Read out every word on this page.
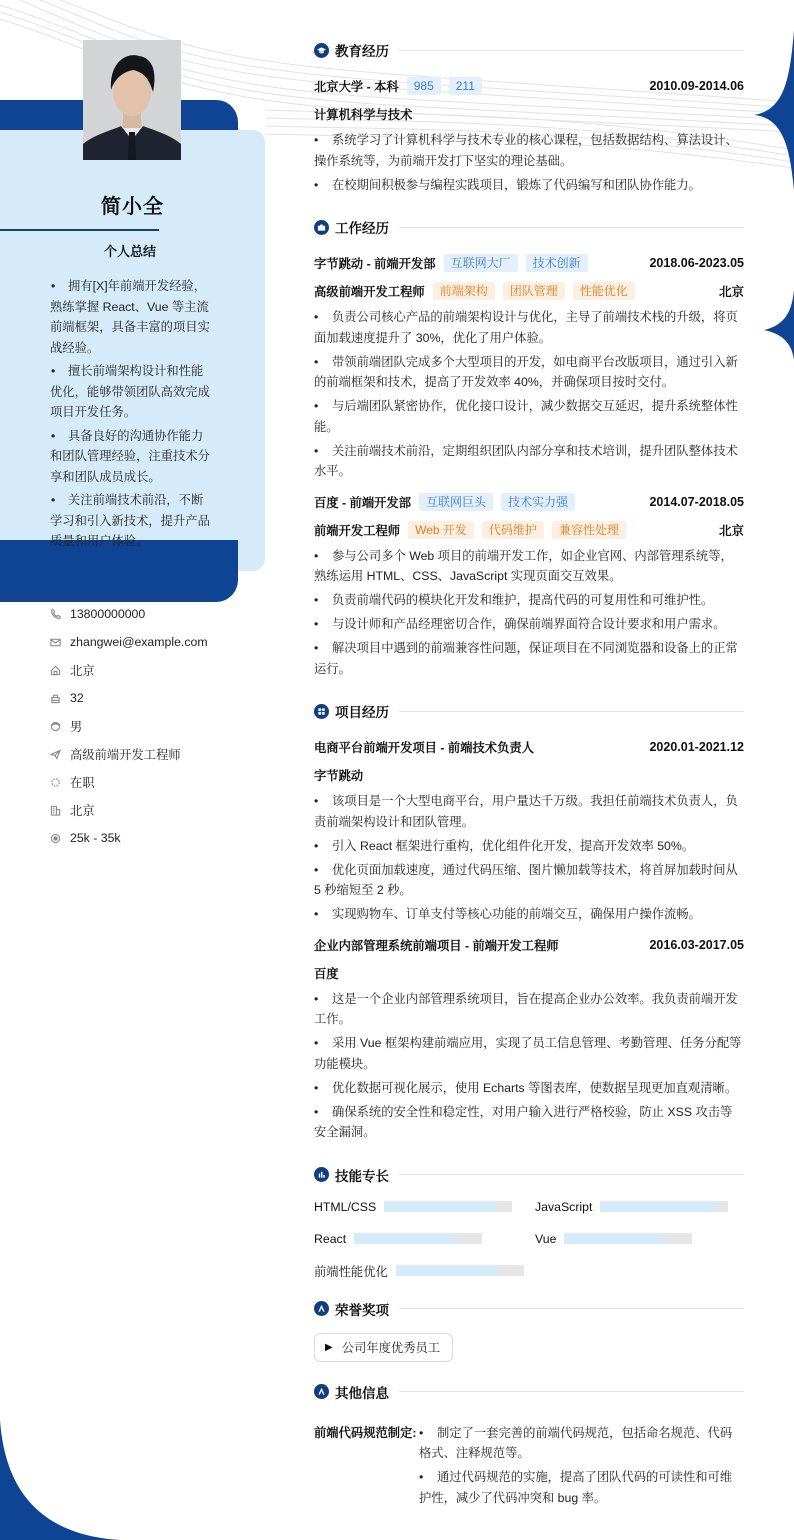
简小全
个人总结
• 拥有[X]年前端开发经验，熟练掌握 React、Vue 等主流前端框架，具备丰富的项目实战经验。
• 擅长前端架构设计和性能优化，能够带领团队高效完成项目开发任务。
• 具备良好的沟通协作能力和团队管理经验，注重技术分享和团队成员成长。
• 关注前端技术前沿，不断学习和引入新技术，提升产品质量和用户体验。
13800000000
zhangwei@example.com
北京
32
男
高级前端开发工程师
在职
北京
25k - 35k
教育经历
北京大学 - 本科	985	211	2010.09-2014.06
计算机科学与技术
• 系统学习了计算机科学与技术专业的核心课程，包括数据结构、算法设计、操作系统等，为前端开发打下坚实的理论基础。
• 在校期间积极参与编程实践项目，锻炼了代码编写和团队协作能力。
工作经历
字节跳动 - 前端开发部	互联网大厂	技术创新	2018.06-2023.05
高级前端开发工程师	前端架构	团队管理	性能优化	北京
• 负责公司核心产品的前端架构设计与优化，主导了前端技术栈的升级，将页面加载速度提升了 30%，优化了用户体验。
• 带领前端团队完成多个大型项目的开发，如电商平台改版项目，通过引入新的前端框架和技术，提高了开发效率 40%，并确保项目按时交付。
• 与后端团队紧密协作，优化接口设计，减少数据交互延迟，提升系统整体性能。
• 关注前端技术前沿，定期组织团队内部分享和技术培训，提升团队整体技术水平。
百度 - 前端开发部	互联网巨头	技术实力强	2014.07-2018.05
前端开发工程师	Web 开发	代码维护	兼容性处理	北京
• 参与公司多个 Web 项目的前端开发工作，如企业官网、内部管理系统等，熟练运用 HTML、CSS、JavaScript 实现页面交互效果。
• 负责前端代码的模块化开发和维护，提高代码的可复用性和可维护性。
• 与设计师和产品经理密切合作，确保前端界面符合设计要求和用户需求。
• 解决项目中遇到的前端兼容性问题，保证项目在不同浏览器和设备上的正常运行。
项目经历
电商平台前端开发项目 - 前端技术负责人	2020.01-2021.12
字节跳动
• 该项目是一个大型电商平台，用户量达千万级。我担任前端技术负责人，负责前端架构设计和团队管理。
• 引入 React 框架进行重构，优化组件化开发，提高开发效率 50%。
• 优化页面加载速度，通过代码压缩、图片懒加载等技术，将首屏加载时间从 5 秒缩短至 2 秒。
• 实现购物车、订单支付等核心功能的前端交互，确保用户操作流畅。
企业内部管理系统前端项目 - 前端开发工程师	2016.03-2017.05
百度
• 这是一个企业内部管理系统项目，旨在提高企业办公效率。我负责前端开发工作。
• 采用 Vue 框架构建前端应用，实现了员工信息管理、考勤管理、任务分配等功能模块。
• 优化数据可视化展示，使用 Echarts 等图表库，使数据呈现更加直观清晰。
• 确保系统的安全性和稳定性，对用户输入进行严格校验，防止 XSS 攻击等安全漏洞。
技能专长
HTML/CSS	JavaScript
React	Vue
前端性能优化
荣誉奖项
▶ 公司年度优秀员工
其他信息
前端代码规范制定:	• 制定了一套完善的前端代码规范，包括命名规范、代码格式、注释规范等。
• 通过代码规范的实施，提高了团队代码的可读性和可维护性，减少了代码冲突和 bug 率。
